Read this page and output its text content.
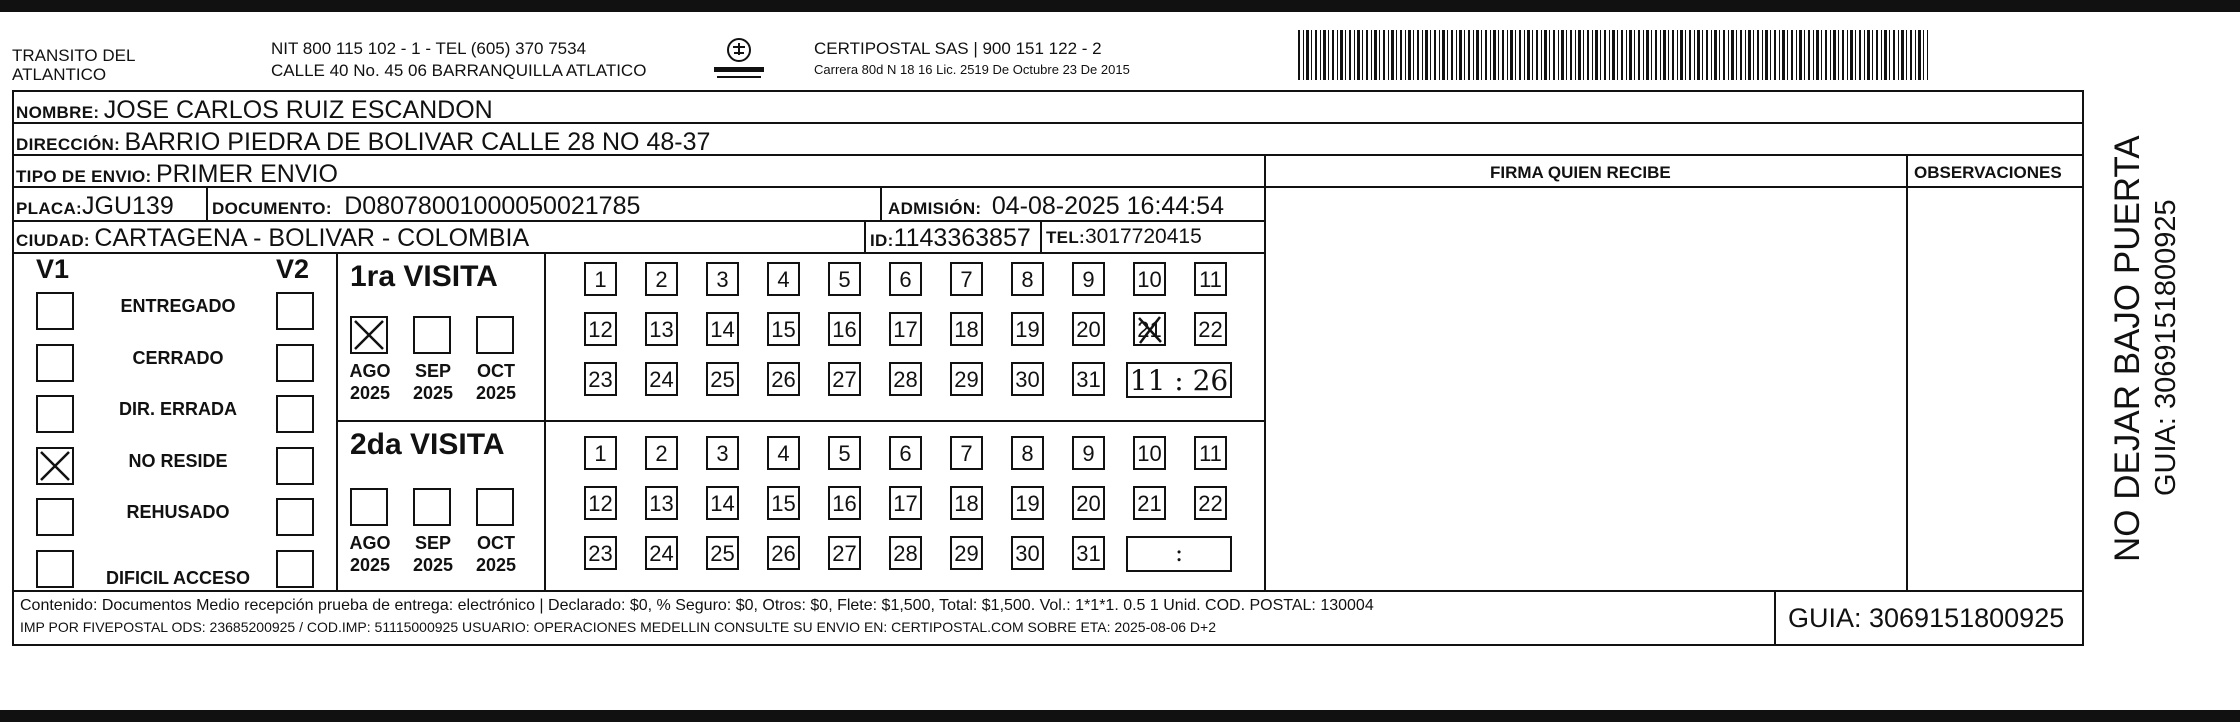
TRANSITO DEL
ATLANTICO
NIT 800 115 102 - 1 - TEL (605) 370 7534
CALLE 40 No. 45 06 BARRANQUILLA ATLATICO
CERTIPOSTAL SAS | 900 151 122 - 2
Carrera 80d N 18 16 Lic. 2519 De Octubre 23 De 2015
NOMBRE: JOSE CARLOS RUIZ ESCANDON
DIRECCIÓN: BARRIO PIEDRA DE BOLIVAR CALLE 28 NO 48-37
TIPO DE ENVIO: PRIMER ENVIO	FIRMA QUIEN RECIBE	OBSERVACIONES
PLACA:JGU139 DOCUMENTO: D08078001000050021785	ADMISIÓN: 04-08-2025 16:44:54
CIUDAD: CARTAGENA - BOLIVAR - COLOMBIA	ID:1143363857 TEL:3017720415
V1	V2
ENTREGADO
CERRADO
DIR. ERRADA
NO RESIDE
REHUSADO
DIFICIL ACCESO
1ra VISITA
2da VISITA
AGO
2025
SEP
2025
OCT
2025
AGO
2025
SEP
2025
OCT
2025
1	2	3	4	5	6	7	8	9	10 11
12 13 14 15 16 17 18 19 20 21 22
23 24 25 26 27 28 29 30 31 11 : 26
1	2	3	4	5	6	7	8	9	10 11
12 13 14 15 16 17 18 19 20 21 22
23 24 25 26 27 28 29 30 31	:
Contenido: Documentos Medio recepción prueba de entrega: electrónico | Declarado: $0, % Seguro: $0, Otros: $0, Flete: $1,500, Total: $1,500. Vol.: 1*1*1. 0.5 1 Unid. COD. POSTAL: 130004
IMP POR FIVEPOSTAL ODS: 23685200925 / COD.IMP: 51115000925 USUARIO: OPERACIONES MEDELLIN CONSULTE SU ENVIO EN: CERTIPOSTAL.COM SOBRE ETA: 2025-08-06 D+2	GUIA: 3069151800925
NO DEJAR BAJO PUERTA GUIA: 3069151800925
